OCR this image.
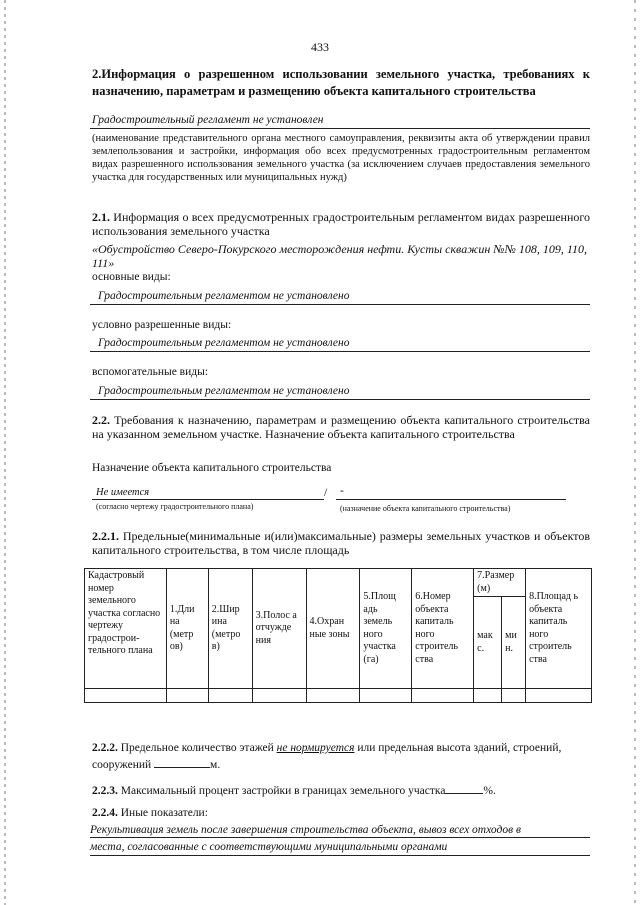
433
2.Информация о разрешенном использовании земельного участка, требованиях к назначению, параметрам и размещению объекта капитального строительства
Градостроительный регламент не установлен
(наименование представительного органа местного самоуправления, реквизиты акта об утверждении правил землепользования и застройки, информация обо всех предусмотренных градостроительным регламентом видах разрешенного использования земельного участка (за исключением случаев предоставления земельного участка для государственных или муниципальных нужд)
2.1. Информация о всех предусмотренных градостроительным регламентом видах разрешенного использования земельного участка
«Обустройство Северо-Покурского месторождения нефти. Кусты скважин №№ 108, 109, 110, 111»
основные виды:
Градостроительным регламентом не установлено
условно разрешенные виды:
Градостроительным регламентом не установлено
вспомогательные виды:
Градостроительным регламентом не установлено
2.2. Требования к назначению, параметрам и размещению объекта капитального строительства на указанном земельном участке. Назначение объекта капитального строительства
Назначение объекта капитального строительства
Не имеется	/ -
(согласно чертежу градостроительного плана)	(назначение объекта капитального строительства)
2.2.1. Предельные(минимальные и(или)максимальные) размеры земельных участков и объектов капитального строительства, в том числе площадь
Кадастровый номер земельного участка согласно чертежу градостроительного плана	1.Дли на (метр ов)	2.Шир ина (метро в)	3.Полос а отчужде ния	4.Охран ные зоны	5.Площ адь земель ного участка (га)	6.Номер объекта капиталь ного строитель ства	7.Размер (м)		8.Площад ь объекта капиталь ного строитель ства
							мак с.	ми н.	

2.2.2. Предельное количество этажей не нормируется или предельная высота зданий, строений, сооружений	м.
2.2.3. Максимальный процент застройки в границах земельного участка	%.
2.2.4. Иные показатели:
Рекультивация земель после завершения строительства объекта, вывоз всех отходов в
места, согласованные с соответствующими муниципальными органами
